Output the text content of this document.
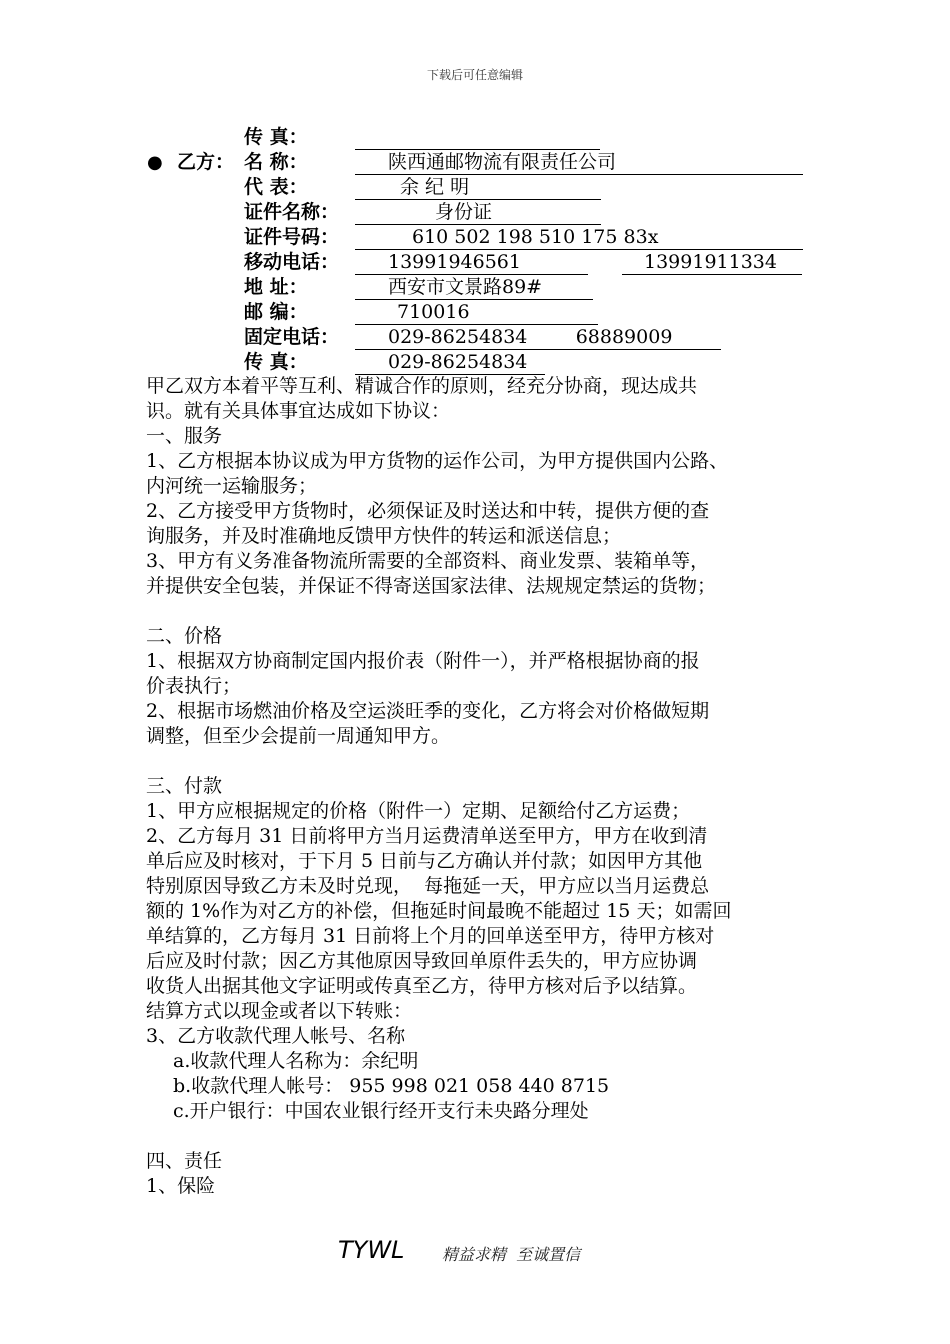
下载后可任意编辑
传 真：
● 乙方： 名 称：	陕西通邮物流有限责任公司
代 表：	余 纪 明
证件名称：	身份证
证件号码：	610 502 198 510 175 83x
移动电话：	13991946561	13991911334
地 址：	西安市文景路89#
邮 编：	710016
固定电话：	029-86254834        68889009
传 真：	029-86254834

甲乙双方本着平等互利、精诚合作的原则，经充分协商，现达成共

识。就有关具体事宜达成如下协议：

一、服务

1、乙方根据本协议成为甲方货物的运作公司，为甲方提供国内公路、

内河统一运输服务；

2、乙方接受甲方货物时，必须保证及时送达和中转，提供方便的查

询服务，并及时准确地反馈甲方快件的转运和派送信息；

3、甲方有义务准备物流所需要的全部资料、商业发票、装箱单等，

并提供安全包装，并保证不得寄送国家法律、法规规定禁运的货物；

二、价格

1、根据双方协商制定国内报价表（附件一），并严格根据协商的报

价表执行；

2、根据市场燃油价格及空运淡旺季的变化，乙方将会对价格做短期

调整，但至少会提前一周通知甲方。

三、付款

1、甲方应根据规定的价格（附件一）定期、足额给付乙方运费；

2、乙方每月 31 日前将甲方当月运费清单送至甲方，甲方在收到清

单后应及时核对，于下月 5 日前与乙方确认并付款；如因甲方其他

特别原因导致乙方未及时兑现，  每拖延一天，甲方应以当月运费总

额的 1%作为对乙方的补偿，但拖延时间最晚不能超过 15 天；如需回

单结算的，乙方每月 31 日前将上个月的回单送至甲方，待甲方核对

后应及时付款；因乙方其他原因导致回单原件丢失的，甲方应协调

收货人出据其他文字证明或传真至乙方，待甲方核对后予以结算。

结算方式以现金或者以下转账：

3、乙方收款代理人帐号、名称

a.收款代理人名称为：余纪明

b.收款代理人帐号： 955 998 021 058 440 8715

c.开户银行：中国农业银行经开支行未央路分理处

四、责任

1、保险

TYWL 精益求精  至诚置信
